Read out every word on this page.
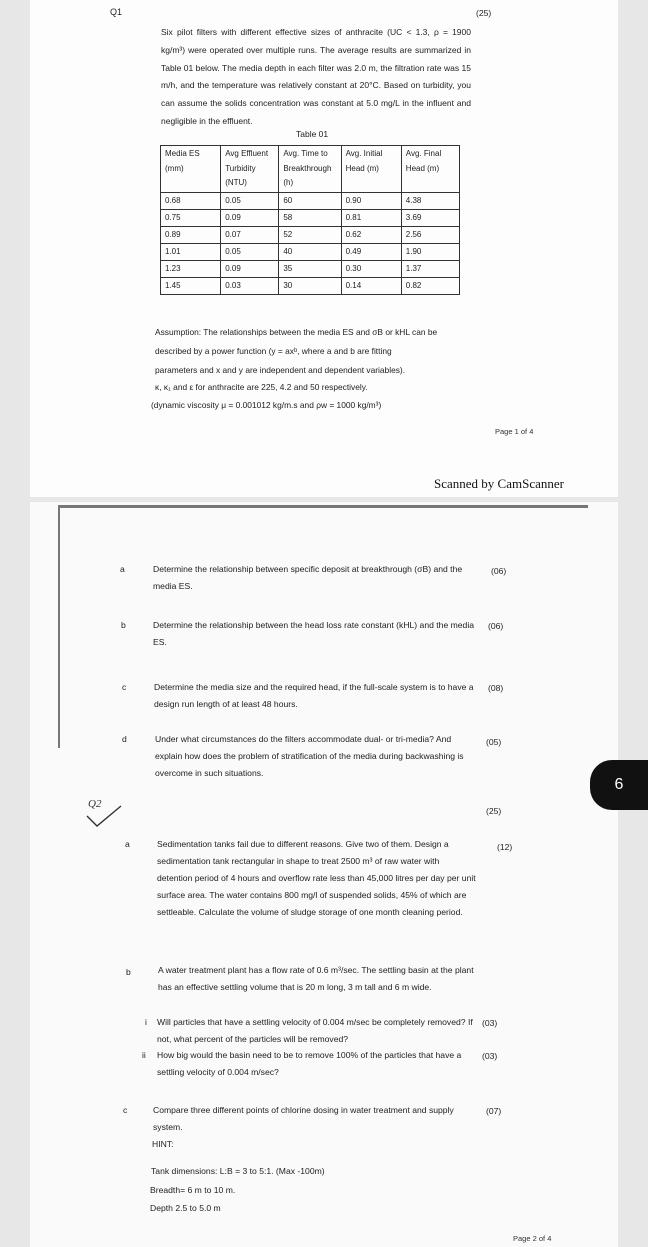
Q1	(25)
Six pilot filters with different effective sizes of anthracite (UC < 1.3, ρ = 1900 kg/m³) were operated over multiple runs. The average results are summarized in Table 01 below. The media depth in each filter was 2.0 m, the filtration rate was 15 m/h, and the temperature was relatively constant at 20°C. Based on turbidity, you can assume the solids concentration was constant at 5.0 mg/L in the influent and negligible in the effluent.
Table 01
Media ES (mm)	Avg Effluent Turbidity (NTU)	Avg. Time to Breakthrough (h)	Avg. Initial Head (m)	Avg. Final Head (m)
0.68	0.05	60	0.90	4.38
0.75	0.09	58	0.81	3.69
0.89	0.07	52	0.62	2.56
1.01	0.05	40	0.49	1.90
1.23	0.09	35	0.30	1.37
1.45	0.03	30	0.14	0.82
Assumption: The relationships between the media ES and σB or kHL can be
described by a power function (y = axᵇ, where a and b are fitting
parameters and x and y are independent and dependent variables).
κ, κ₁ and ε for anthracite are 225, 4.2 and 50 respectively.
(dynamic viscosity μ = 0.001012 kg/m.s and ρw = 1000 kg/m³)
Page 1 of 4
Scanned by CamScanner
a	Determine the relationship between specific deposit at breakthrough (σB) and the media ES.
(06)
b	Determine the relationship between the head loss rate constant (kHL) and the media ES.
(06)
c	Determine the media size and the required head, if the full-scale system is to have a design run length of at least 48 hours.
(08)
d	Under what circumstances do the filters accommodate dual- or tri-media? And explain how does the problem of stratification of the media during backwashing is overcome in such situations.
(05)
Q2
(25)
a	Sedimentation tanks fail due to different reasons. Give two of them. Design a sedimentation tank rectangular in shape to treat 2500 m³ of raw water with detention period of 4 hours and overflow rate less than 45,000 litres per day per unit surface area. The water contains 800 mg/l of suspended solids, 45% of which are settleable. Calculate the volume of sludge storage of one month cleaning period.
(12)
b	A water treatment plant has a flow rate of 0.6 m³/sec. The settling basin at the plant has an effective settling volume that is 20 m long, 3 m tall and 6 m wide.
i Will particles that have a settling velocity of 0.004 m/sec be completely removed? If not, what percent of the particles will be removed?
(03)
ii How big would the basin need to be to remove 100% of the particles that have a settling velocity of 0.004 m/sec?
(03)
c	Compare three different points of chlorine dosing in water treatment and supply system.
(07)
HINT:
Tank dimensions: L:B = 3 to 5:1. (Max -100m)
Breadth= 6 m to 10 m.
Depth 2.5 to 5.0 m
Page 2 of 4
6
